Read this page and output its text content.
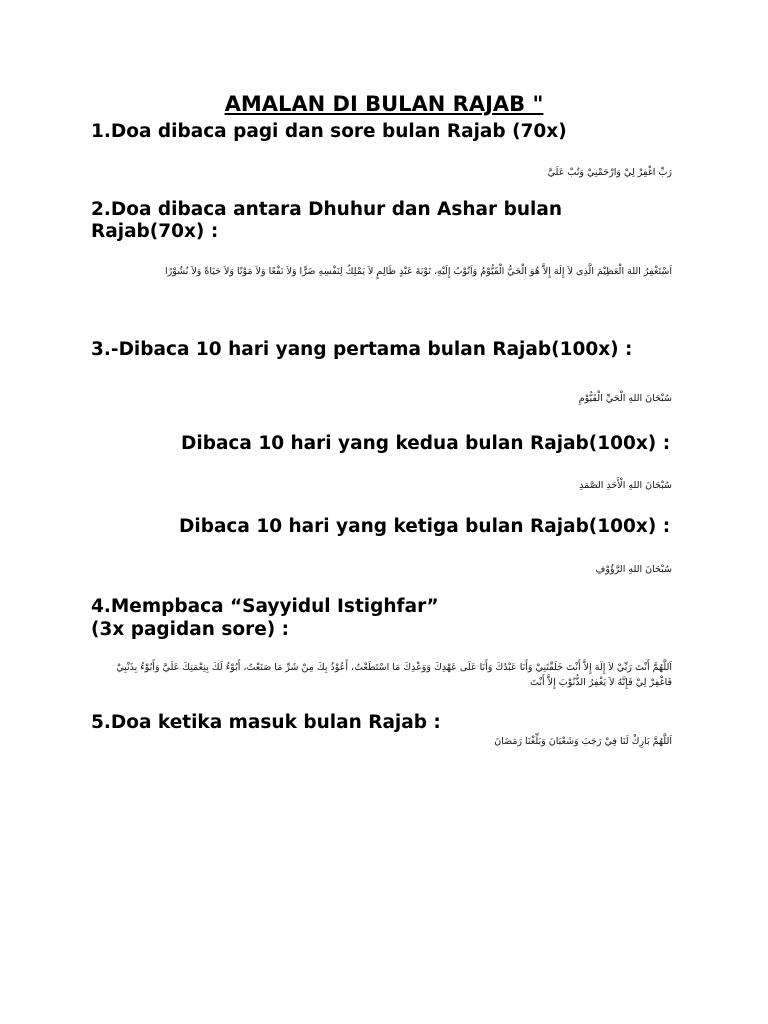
AMALAN DI BULAN RAJAB "
1.Doa dibaca pagi dan sore bulan Rajab (70x)
رَبِّ اغْفِرْ لِيْ وَارْحَمْنِيْ وَتُبْ عَلَيَّ
2.Doa dibaca antara Dhuhur dan Ashar bulan
Rajab(70x) :
اَسْتَغْفِرُ اللهَ الْعَظِيْمَ الَّذِى لاَ إِلَهَ إِلاَّ هُوَ الْحَيُّ الْقَيُّوْمُ وَاَتُوْبُ إِلَيْهِ، تَوْبَةَ عَبْدٍ ظَالِمٍ لاَ يَمْلِكُ لِنَفْسِهِ ضَرًّا وَلاَ نَفْعًا وَلاَ مَوْتًا وَلاَ حَيَاةً وَلاَ نُشُوْرًا
3.-Dibaca 10 hari yang pertama bulan Rajab(100x) :
سُبْحَانَ اللهِ الْحَيِّ الْقَيُّوْمِ
Dibaca 10 hari yang kedua bulan Rajab(100x) :
سُبْحَانَ اللهِ الْأَحَدِ الصَّمَدِ
Dibaca 10 hari yang ketiga bulan Rajab(100x) :
سُبْحَانَ اللهِ الرَّؤُوْفِ
4.Mempbaca “Sayyidul Istighfar”
(3x pagidan sore) :
اَللَّهُمَّ أَنْتَ رَبِّيْ لاَ إِلَهَ إِلاَّ أَنْتَ خَلَقْتَنِيْ وَأَنَا عَبْدُكَ وَأَنَا عَلَى عَهْدِكَ وَوَعْدِكَ مَا اسْتَطَعْتُ، أَعُوْذُ بِكَ مِنْ شَرِّ مَا صَنَعْتُ، أَبُوْءُ لَكَ بِنِعْمَتِكَ عَلَيَّ وَأَبُوْءُ بِذَنْبِيْ فَاغْفِرْ لِيْ فَإِنَّهُ لاَ يَغْفِرُ الذُّنُوْبَ إِلاَّ أَنْتَ
5.Doa ketika masuk bulan Rajab :
اَللَّهُمَّ بَارِكْ لَنَا فِيْ رَجَبَ وَشَعْبَانَ وَبَلِّغْنَا رَمَضَانَ
